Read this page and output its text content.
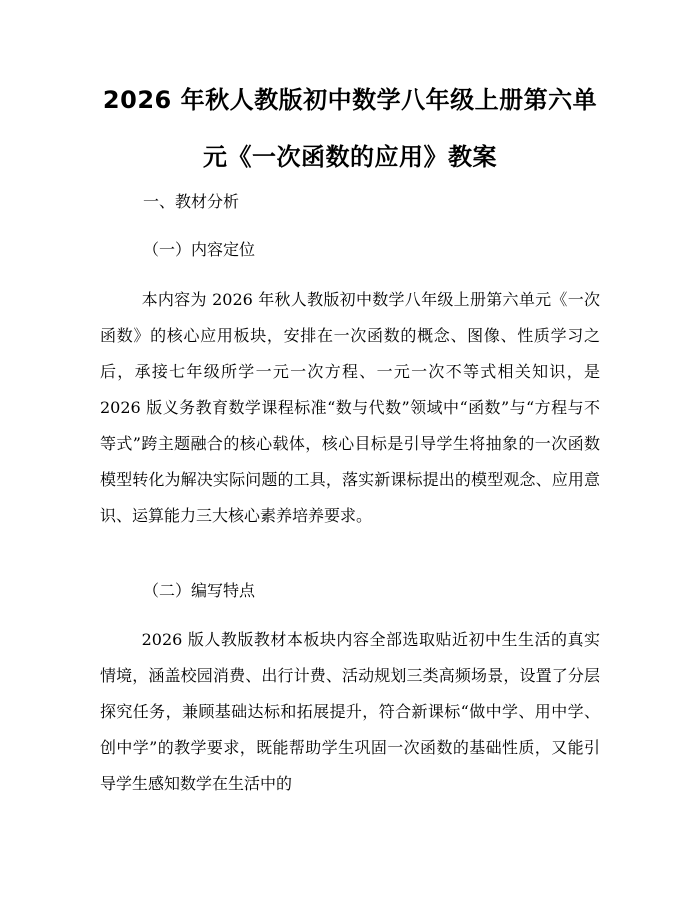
2026 年秋人教版初中数学八年级上册第六单
元《一次函数的应用》教案
一、教材分析
（一）内容定位

本内容为 2026 年秋人教版初中数学八年级上册第六单元《一次函数》的核心应用板块，安排在一次函数的概念、图像、性质学习之后，承接七年级所学一元一次方程、一元一次不等式相关知识，是 2026 版义务教育数学课程标准“数与代数”领域中“函数”与“方程与不等式”跨主题融合的核心载体，核心目标是引导学生将抽象的一次函数模型转化为解决实际问题的工具，落实新课标提出的模型观念、应用意识、运算能力三大核心素养培养要求。

（二）编写特点

2026 版人教版教材本板块内容全部选取贴近初中生生活的真实情境，涵盖校园消费、出行计费、活动规划三类高频场景，设置了分层探究任务，兼顾基础达标和拓展提升，符合新课标“做中学、用中学、创中学”的教学要求，既能帮助学生巩固一次函数的基础性质，又能引导学生感知数学在生活中的
